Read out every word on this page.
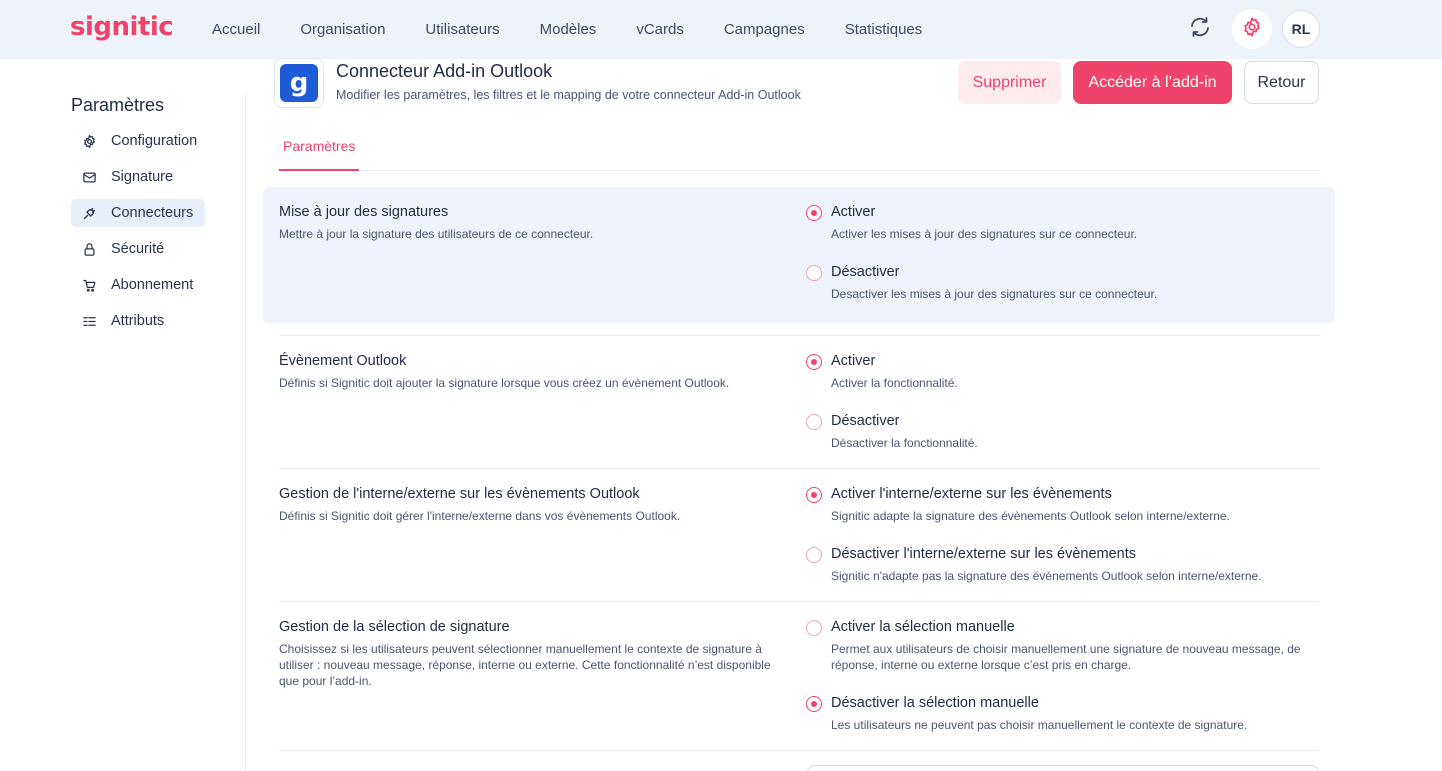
signitic	Accueil	Organisation	Utilisateurs	Modèles	vCards	Campagnes	Statistiques	RL
Paramètres
Configuration
Signature
Connecteurs
Sécurité
Abonnement
Attributs
g	Connecteur Add-in Outlook
Modifier les paramètres, les filtres et le mapping de votre connecteur Add-in Outlook
Supprimer	Accéder à l’add-in	Retour
Paramètres
Mise à jour des signatures
Mettre à jour la signature des utilisateurs de ce connecteur.
Activer
Activer les mises à jour des signatures sur ce connecteur.
Désactiver
Desactiver les mises à jour des signatures sur ce connecteur.
Évènement Outlook
Définis si Signitic doit ajouter la signature lorsque vous créez un évènement Outlook.
Activer
Activer la fonctionnalité.
Désactiver
Désactiver la fonctionnalité.
Gestion de l'interne/externe sur les évènements Outlook
Définis si Signitic doit gérer l'interne/externe dans vos évènements Outlook.
Activer l'interne/externe sur les évènements
Signitic adapte la signature des évènements Outlook selon interne/externe.
Désactiver l'interne/externe sur les évènements
Signitic n'adapte pas la signature des évènements Outlook selon interne/externe.
Gestion de la sélection de signature
Choisissez si les utilisateurs peuvent sélectionner manuellement le contexte de signature à utiliser : nouveau message, réponse, interne ou externe. Cette fonctionnalité n’est disponible que pour l’add-in.
Activer la sélection manuelle
Permet aux utilisateurs de choisir manuellement une signature de nouveau message, de réponse, interne ou externe lorsque c’est pris en charge.
Désactiver la sélection manuelle
Les utilisateurs ne peuvent pas choisir manuellement le contexte de signature.
